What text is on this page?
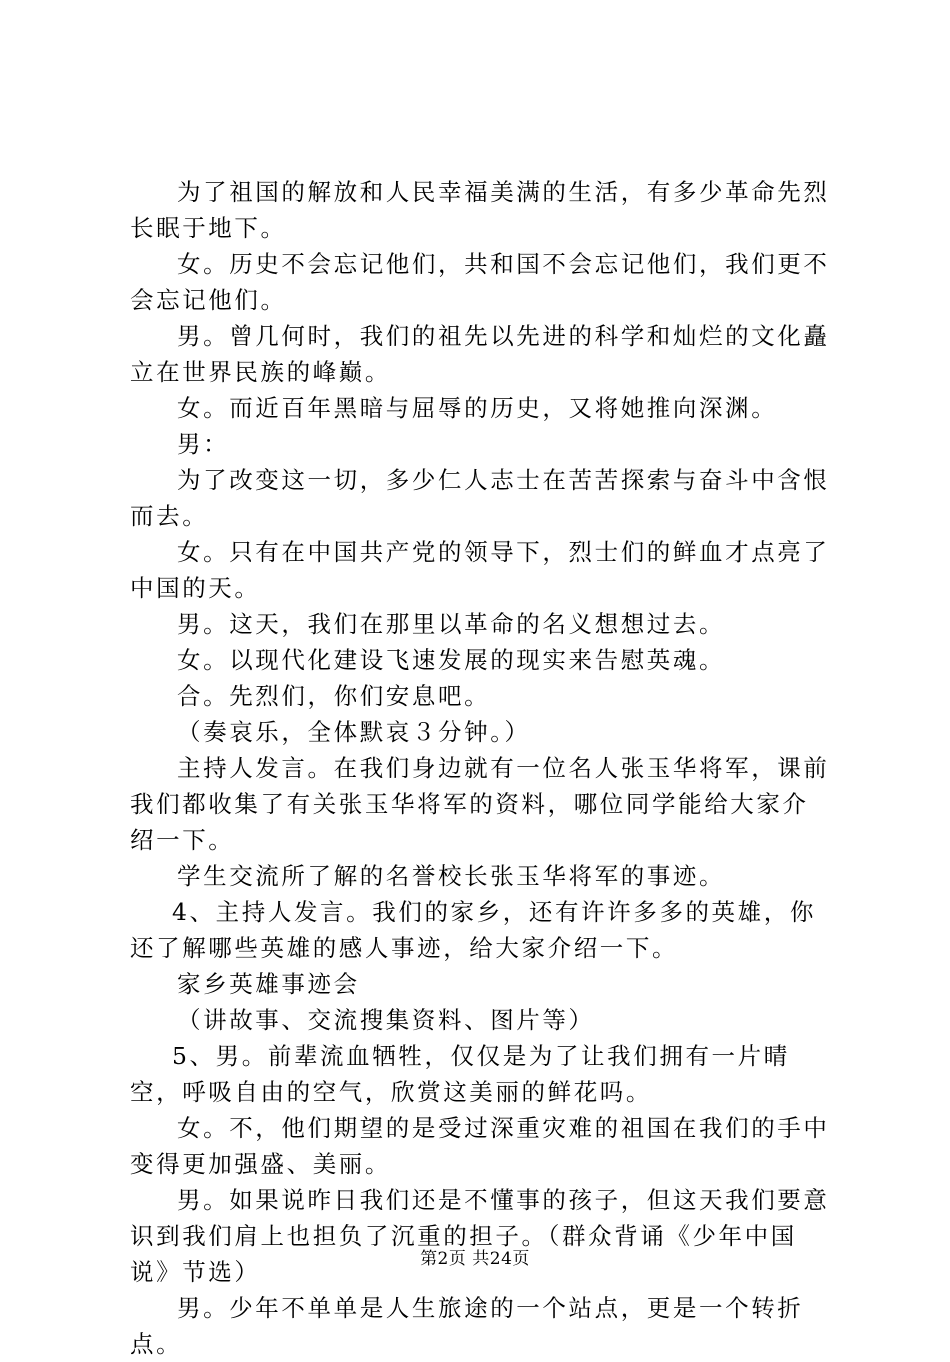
为了祖国的解放和人民幸福美满的生活，有多少革命先烈长眠于地下。

女。历史不会忘记他们，共和国不会忘记他们，我们更不会忘记他们。

男。曾几何时，我们的祖先以先进的科学和灿烂的文化矗立在世界民族的峰巅。

女。而近百年黑暗与屈辱的历史，又将她推向深渊。

男：

为了改变这一切，多少仁人志士在苦苦探索与奋斗中含恨而去。

女。只有在中国共产党的领导下，烈士们的鲜血才点亮了中国的天。

男。这天，我们在那里以革命的名义想想过去。

女。以现代化建设飞速发展的现实来告慰英魂。

合。先烈们，你们安息吧。

（奏哀乐，全体默哀３分钟。）

主持人发言。在我们身边就有一位名人张玉华将军，课前我们都收集了有关张玉华将军的资料，哪位同学能给大家介绍一下。

学生交流所了解的名誉校长张玉华将军的事迹。

4、主持人发言。我们的家乡，还有许许多多的英雄，你还了解哪些英雄的感人事迹，给大家介绍一下。

家乡英雄事迹会

（讲故事、交流搜集资料、图片等）

5、男。前辈流血牺牲，仅仅是为了让我们拥有一片晴空，呼吸自由的空气，欣赏这美丽的鲜花吗。

女。不，他们期望的是受过深重灾难的祖国在我们的手中变得更加强盛、美丽。

男。如果说昨日我们还是不懂事的孩子，但这天我们要意识到我们肩上也担负了沉重的担子。（群众背诵《少年中国说》节选）

男。少年不单单是人生旅途的一个站点，更是一个转折点。

第2页 共24页
